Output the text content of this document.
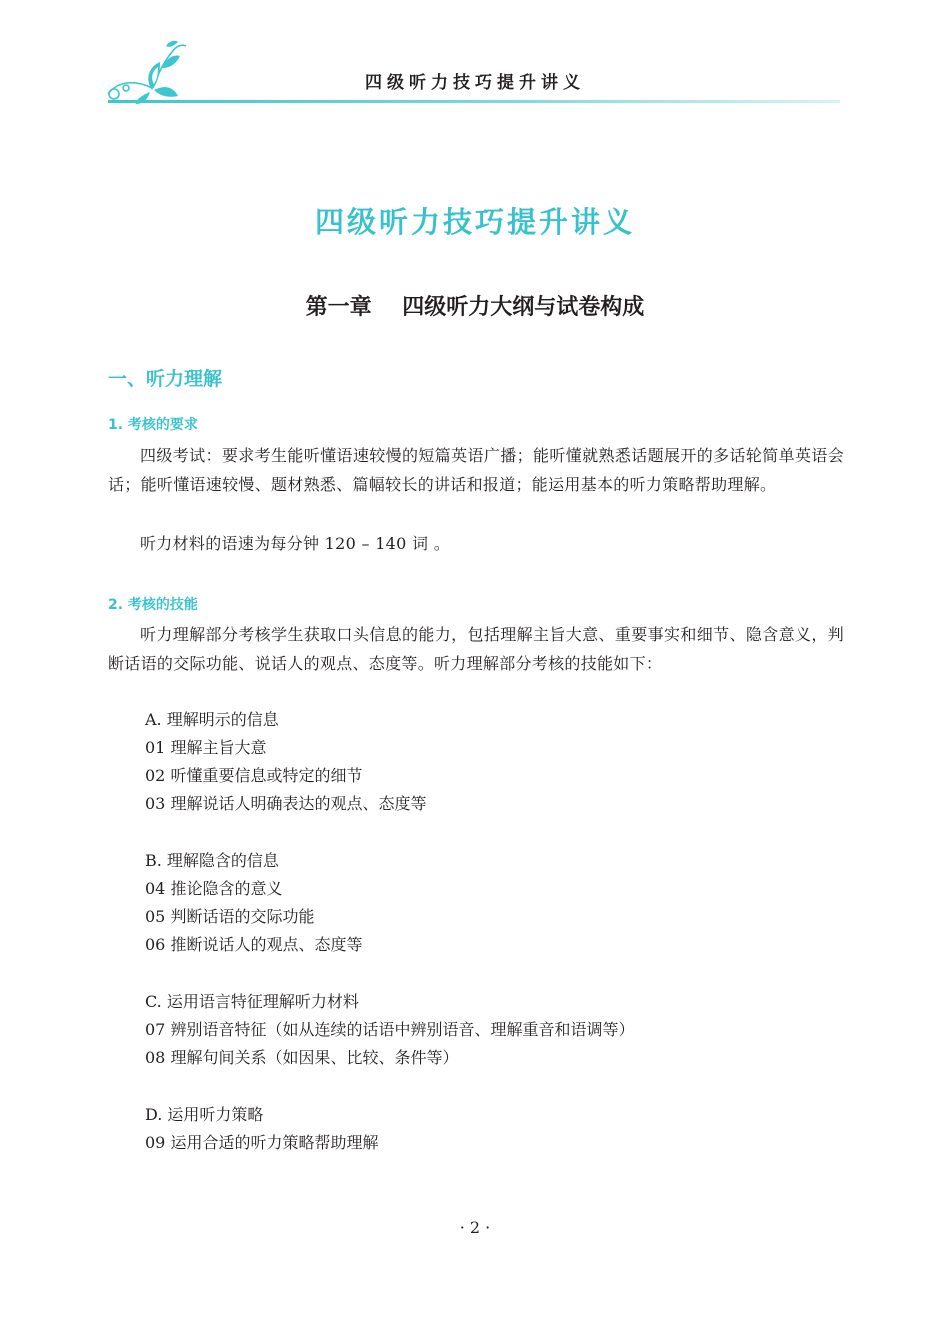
四级听力技巧提升讲义
四级听力技巧提升讲义
第一章    四级听力大纲与试卷构成
一、听力理解
1. 考核的要求
四级考试：要求考生能听懂语速较慢的短篇英语广播；能听懂就熟悉话题展开的多话轮简单英语会话；能听懂语速较慢、题材熟悉、篇幅较长的讲话和报道；能运用基本的听力策略帮助理解。
听力材料的语速为每分钟 120 – 140 词 。
2. 考核的技能
听力理解部分考核学生获取口头信息的能力，包括理解主旨大意、重要事实和细节、隐含意义，判断话语的交际功能、说话人的观点、态度等。听力理解部分考核的技能如下：
A. 理解明示的信息
01 理解主旨大意
02 听懂重要信息或特定的细节
03 理解说话人明确表达的观点、态度等
B. 理解隐含的信息
04 推论隐含的意义
05 判断话语的交际功能
06 推断说话人的观点、态度等
C. 运用语言特征理解听力材料
07 辨别语音特征（如从连续的话语中辨别语音、理解重音和语调等）
08 理解句间关系（如因果、比较、条件等）
D. 运用听力策略
09 运用合适的听力策略帮助理解
· 2 ·
